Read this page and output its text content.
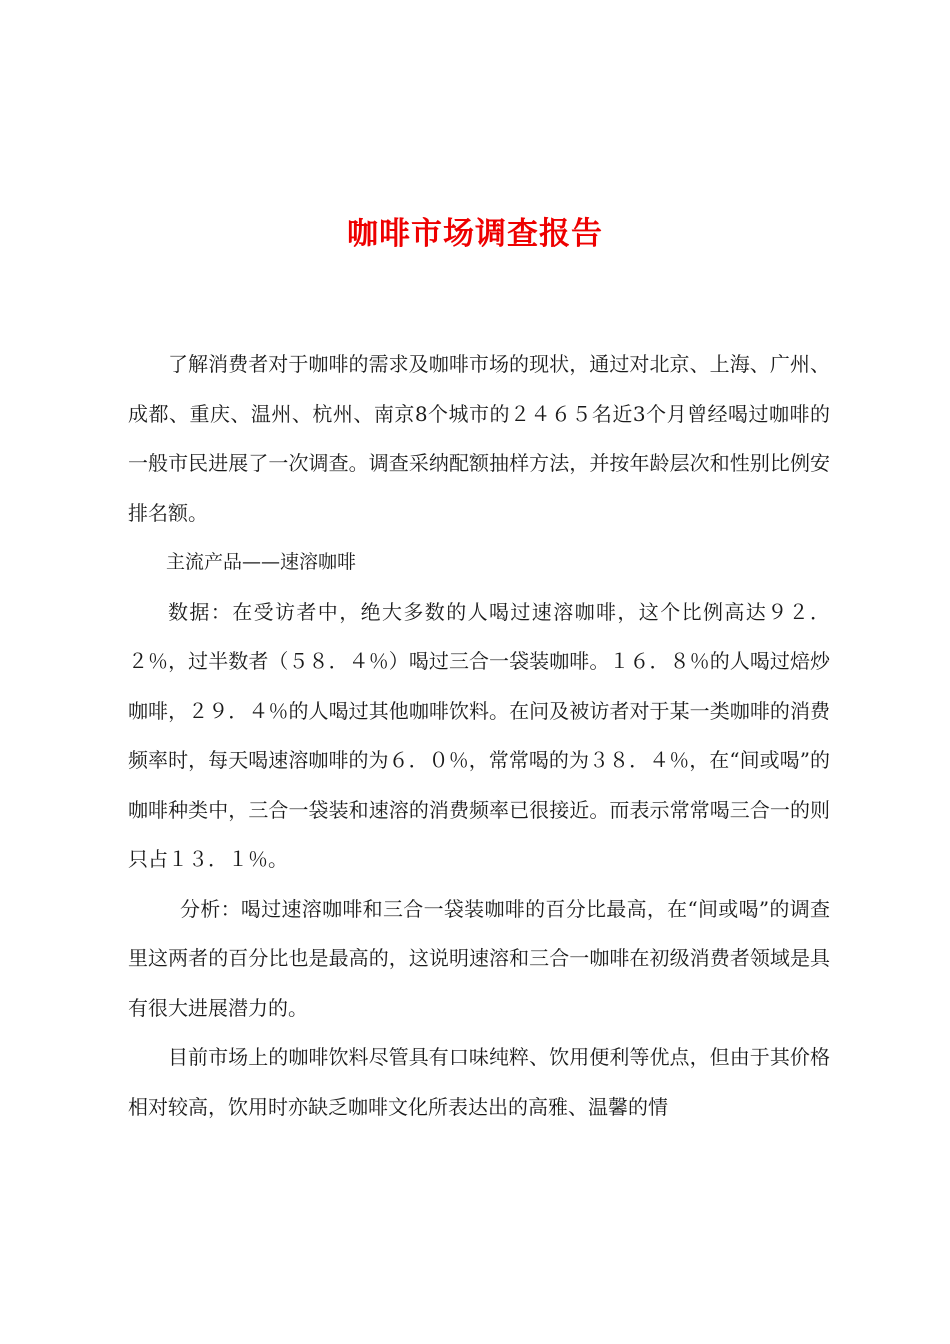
咖啡市场调查报告

了解消费者对于咖啡的需求及咖啡市场的现状，通过对北京、上海、广州、成都、重庆、温州、杭州、南京8个城市的２４６５名近3个月曾经喝过咖啡的一般市民进展了一次调查。调查采纳配额抽样方法，并按年龄层次和性别比例安排名额。

主流产品——速溶咖啡

数据：在受访者中，绝大多数的人喝过速溶咖啡，这个比例高达９２．２％，过半数者（５８．４％）喝过三合一袋装咖啡。１６．８％的人喝过焙炒咖啡，２９．４％的人喝过其他咖啡饮料。在问及被访者对于某一类咖啡的消费频率时，每天喝速溶咖啡的为６．０％，常常喝的为３８．４％，在“间或喝”的咖啡种类中，三合一袋装和速溶的消费频率已很接近。而表示常常喝三合一的则只占１３．１％。

分析：喝过速溶咖啡和三合一袋装咖啡的百分比最高，在“间或喝”的调查里这两者的百分比也是最高的，这说明速溶和三合一咖啡在初级消费者领域是具有很大进展潜力的。

目前市场上的咖啡饮料尽管具有口味纯粹、饮用便利等优点，但由于其价格相对较高，饮用时亦缺乏咖啡文化所表达出的高雅、温馨的情
